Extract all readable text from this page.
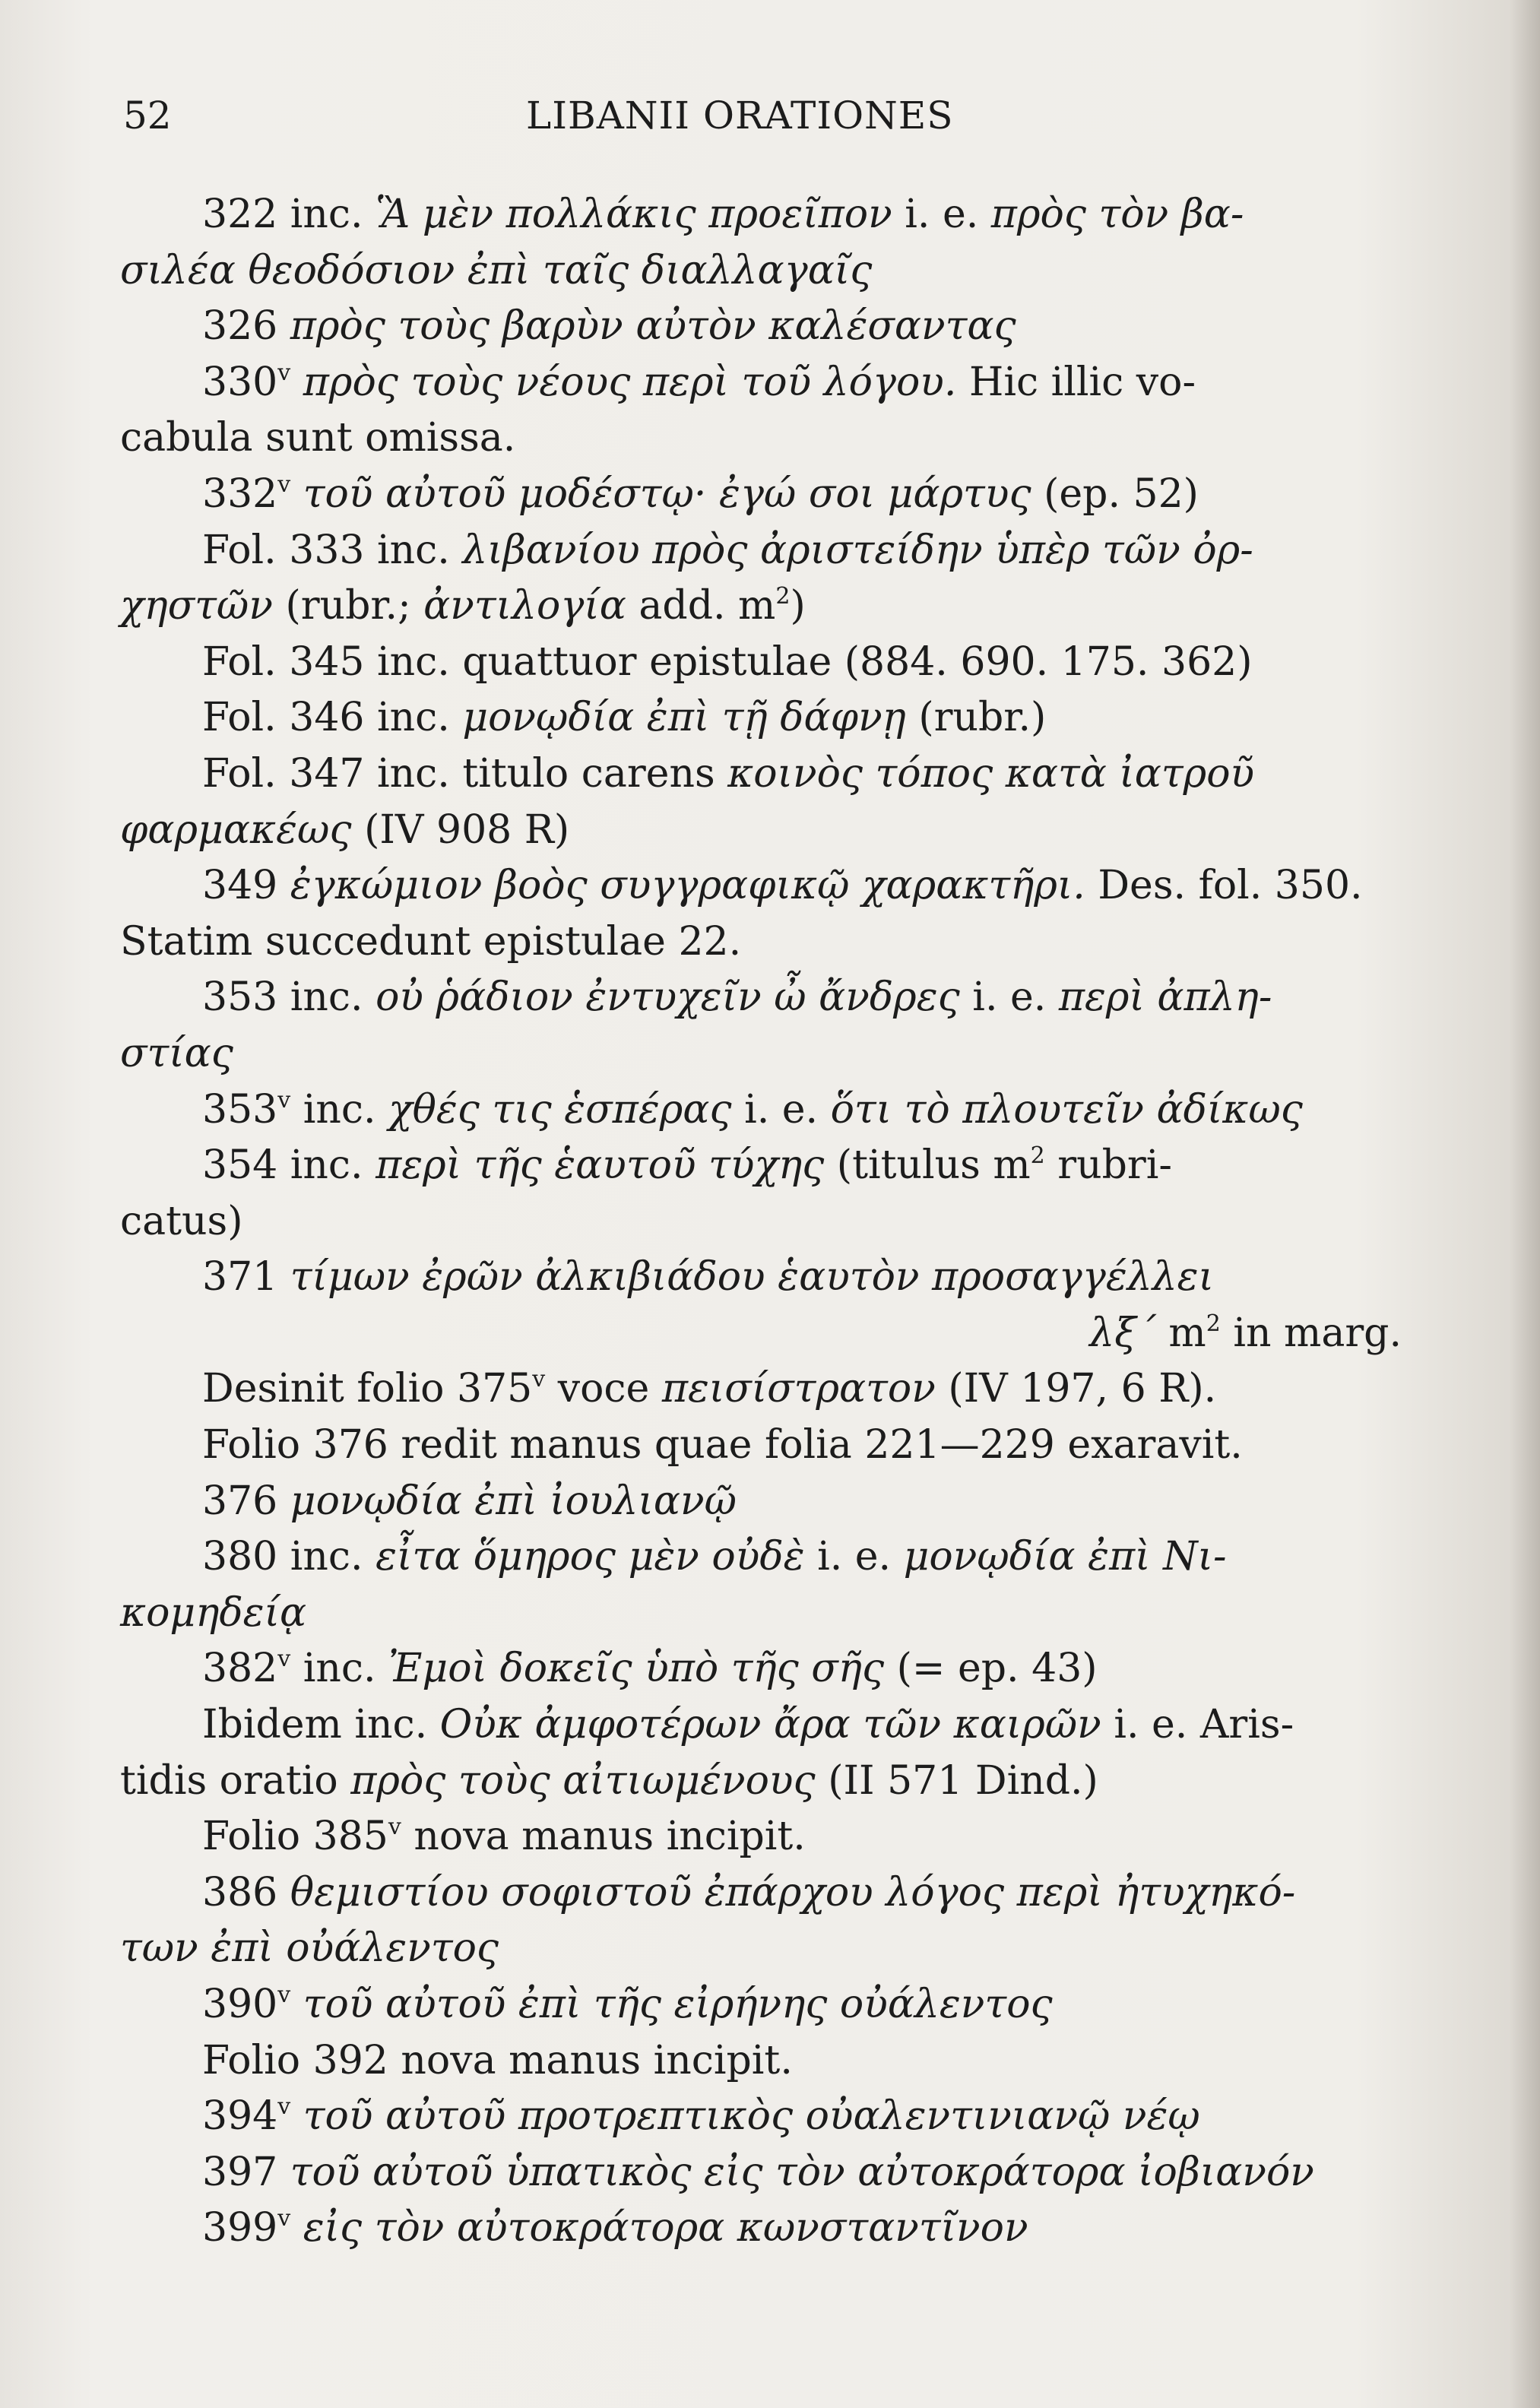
52	LIBANII ORATIONES
322 inc. Ἃ μὲν πολλάκις προεῖπον i. e. πρὸς τὸν βα-
σιλέα θεοδόσιον ἐπὶ ταῖς διαλλαγαῖς
326 πρὸς τοὺς βαρὺν αὐτὸν καλέσαντας
330$^v$ πρὸς τοὺς νέους περὶ τοῦ λόγου. Hic illic vo-
cabula sunt omissa.
332$^v$ τοῦ αὐτοῦ μοδέστῳ· ἐγώ σοι μάρτυς (ep. 52)
Fol. 333 inc. λιβανίου πρὸς ἀριστείδην ὑπὲρ τῶν ὀρ-
χηστῶν (rubr.; ἀντιλογία add. $m^2$)
Fol. 345 inc. quattuor epistulae (884. 690. 175. 362)
Fol. 346 inc. μονῳδία ἐπὶ τῇ δάφνῃ (rubr.)
Fol. 347 inc. titulo carens κοινὸς τόπος κατὰ ἰατροῦ
φαρμακέως (IV 908 R)
349 ἐγκώμιον βοὸς συγγραφικῷ χαρακτῆρι. Des. fol. 350.
Statim succedunt epistulae 22.
353 inc. οὐ ῥάδιον ἐντυχεῖν ὦ ἄνδρες i. e. περὶ ἀπλη-
στίας
353$^v$ inc. χθές τις ἑσπέρας i. e. ὅτι τὸ πλουτεῖν ἀδίκως
354 inc. περὶ τῆς ἑαυτοῦ τύχης (titulus $m^2$ rubri-
catus)
371 τίμων ἐρῶν ἀλκιβιάδου ἑαυτὸν προσαγγέλλει
λξ´ $m^2$ in marg.
Desinit folio 375$^v$ voce πεισίστρατον (IV 197, 6 R).
Folio 376 redit manus quae folia 221—229 exaravit.
376 μονῳδία ἐπὶ ἰουλιανῷ
380 inc. εἶτα ὅμηρος μὲν οὐδὲ i. e. μονῳδία ἐπὶ Νι-
κομηδείᾳ
382$^v$ inc. Ἐμοὶ δοκεῖς ὑπὸ τῆς σῆς (= ep. 43)
Ibidem inc. Οὐκ ἀμφοτέρων ἄρα τῶν καιρῶν i. e. Aris-
tidis oratio πρὸς τοὺς αἰτιωμένους (II 571 Dind.)
Folio 385$^v$ nova manus incipit.
386 θεμιστίου σοφιστοῦ ἐπάρχου λόγος περὶ ἠτυχηκό-
των ἐπὶ οὐάλεντος
390$^v$ τοῦ αὐτοῦ ἐπὶ τῆς εἰρήνης οὐάλεντος
Folio 392 nova manus incipit.
394$^v$ τοῦ αὐτοῦ προτρεπτικὸς οὐαλεντινιανῷ νέῳ
397 τοῦ αὐτοῦ ὑπατικὸς εἰς τὸν αὐτοκράτορα ἰοβιανόν
399$^v$ εἰς τὸν αὐτοκράτορα κωνσταντῖνον
